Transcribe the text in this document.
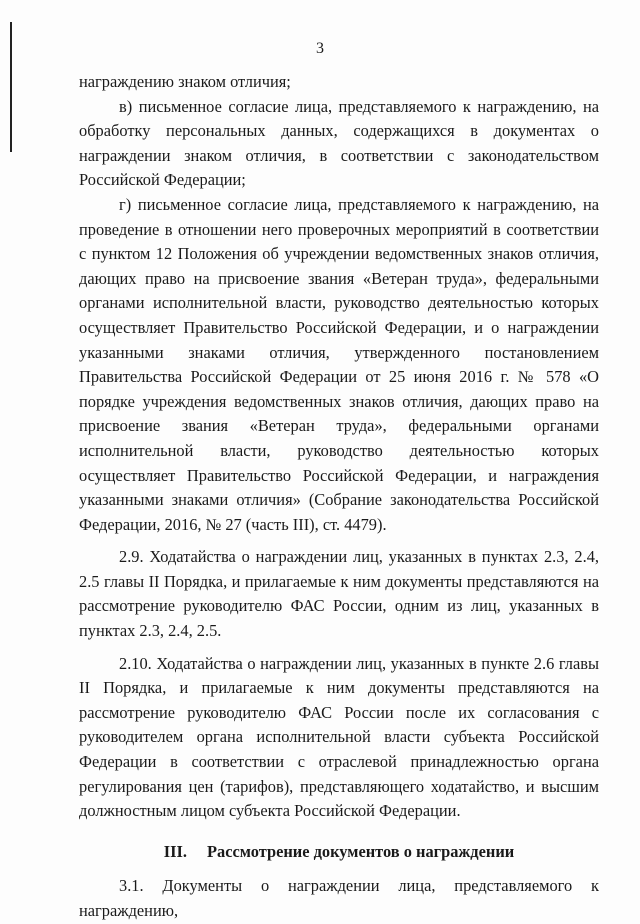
3

награждению знаком отличия;

в) письменное согласие лица, представляемого к награждению, на обработку персональных данных, содержащихся в документах о награждении знаком отличия, в соответствии с законодательством Российской Федерации;

г) письменное согласие лица, представляемого к награждению, на проведение в отношении него проверочных мероприятий в соответствии с пунктом 12 Положения об учреждении ведомственных знаков отличия, дающих право на присвоение звания «Ветеран труда», федеральными органами исполнительной власти, руководство деятельностью которых осуществляет Правительство Российской Федерации, и о награждении указанными знаками отличия, утвержденного постановлением Правительства Российской Федерации от 25 июня 2016 г. № 578 «О порядке учреждения ведомственных знаков отличия, дающих право на присвоение звания «Ветеран труда», федеральными органами исполнительной власти, руководство деятельностью которых осуществляет Правительство Российской Федерации, и награждения указанными знаками отличия» (Собрание законодательства Российской Федерации, 2016, № 27 (часть III), ст. 4479).

2.9. Ходатайства о награждении лиц, указанных в пунктах 2.3, 2.4, 2.5 главы II Порядка, и прилагаемые к ним документы представляются на рассмотрение руководителю ФАС России, одним из лиц, указанных в пунктах 2.3, 2.4, 2.5.

2.10. Ходатайства о награждении лиц, указанных в пункте 2.6 главы II Порядка, и прилагаемые к ним документы представляются на рассмотрение руководителю ФАС России после их согласования с руководителем органа исполнительной власти субъекта Российской Федерации в соответствии с отраслевой принадлежностью органа регулирования цен (тарифов), представляющего ходатайство, и высшим должностным лицом субъекта Российской Федерации.

III. Рассмотрение документов о награждении

3.1. Документы о награждении лица, представляемого к награждению,
